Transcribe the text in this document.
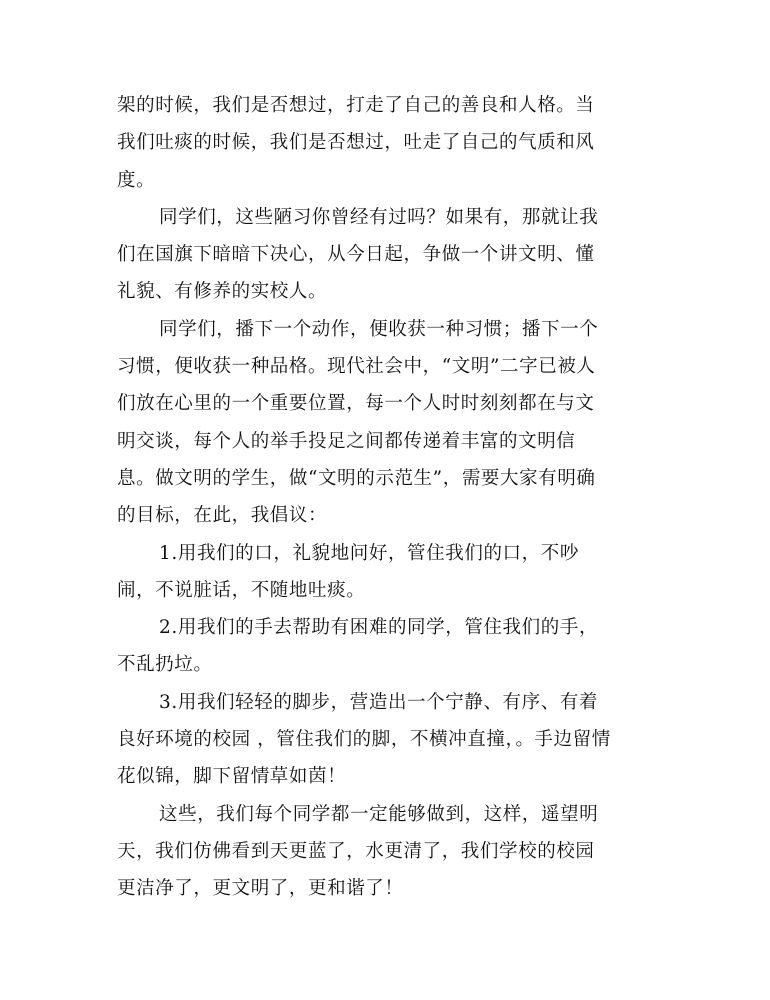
架的时候，我们是否想过，打走了自己的善良和人格。当
我们吐痰的时候，我们是否想过，吐走了自己的气质和风
度。
同学们，这些陋习你曾经有过吗？如果有，那就让我
们在国旗下暗暗下决心，从今日起，争做一个讲文明、懂
礼貌、有修养的实校人。
同学们，播下一个动作，便收获一种习惯；播下一个
习惯，便收获一种品格。现代社会中，“文明”二字已被人
们放在心里的一个重要位置，每一个人时时刻刻都在与文
明交谈，每个人的举手投足之间都传递着丰富的文明信
息。做文明的学生，做“文明的示范生”，需要大家有明确
的目标，在此，我倡议：
1.用我们的口，礼貌地问好，管住我们的口，不吵
闹，不说脏话，不随地吐痰。
2.用我们的手去帮助有困难的同学，管住我们的手，
不乱扔垃。
3.用我们轻轻的脚步，营造出一个宁静、有序、有着
良好环境的校园 ，管住我们的脚，不横冲直撞，。手边留情
花似锦，脚下留情草如茵！
这些，我们每个同学都一定能够做到，这样，遥望明
天，我们仿佛看到天更蓝了，水更清了，我们学校的校园
更洁净了，更文明了，更和谐了！
